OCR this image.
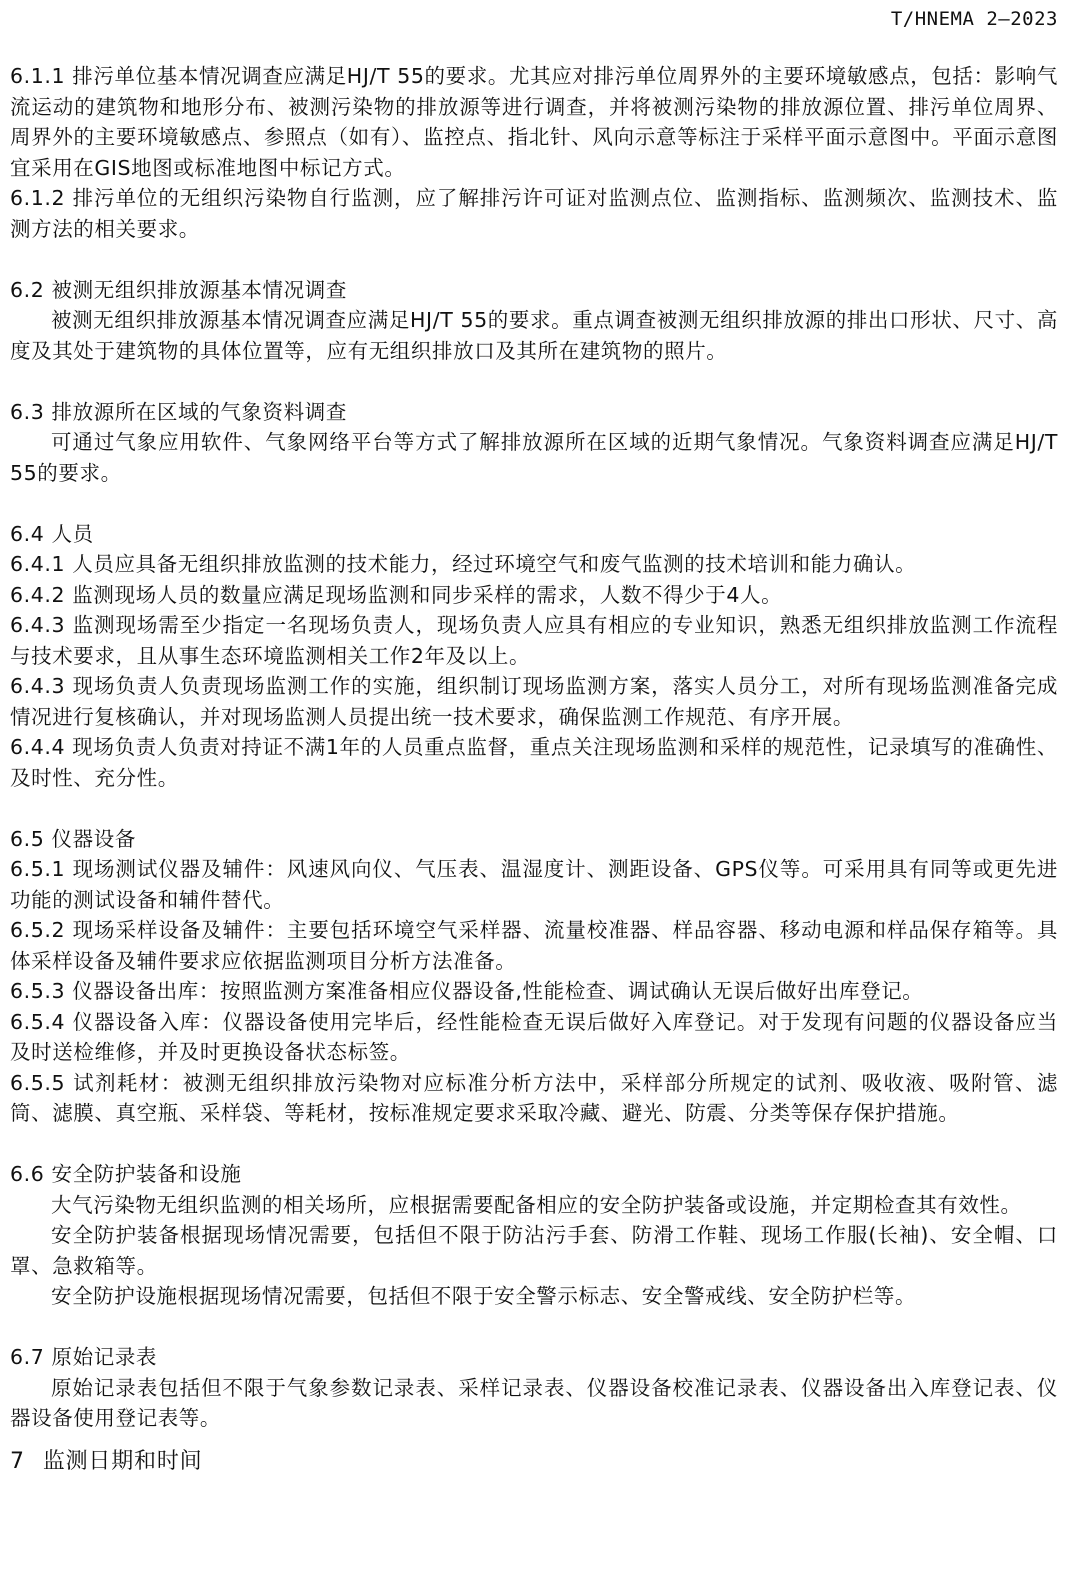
T/HNEMA 2—2023

6.1.1 排污单位基本情况调查应满足HJ/T 55的要求。尤其应对排污单位周界外的主要环境敏感点，包括：影响气流运动的建筑物和地形分布、被测污染物的排放源等进行调查，并将被测污染物的排放源位置、排污单位周界、周界外的主要环境敏感点、参照点（如有）、监控点、指北针、风向示意等标注于采样平面示意图中。平面示意图宜采用在GIS地图或标准地图中标记方式。

6.1.2 排污单位的无组织污染物自行监测，应了解排污许可证对监测点位、监测指标、监测频次、监测技术、监测方法的相关要求。

6.2 被测无组织排放源基本情况调查

被测无组织排放源基本情况调查应满足HJ/T 55的要求。重点调查被测无组织排放源的排出口形状、尺寸、高度及其处于建筑物的具体位置等，应有无组织排放口及其所在建筑物的照片。

6.3 排放源所在区域的气象资料调查

可通过气象应用软件、气象网络平台等方式了解排放源所在区域的近期气象情况。气象资料调查应满足HJ/T 55的要求。

6.4 人员

6.4.1 人员应具备无组织排放监测的技术能力，经过环境空气和废气监测的技术培训和能力确认。

6.4.2 监测现场人员的数量应满足现场监测和同步采样的需求，人数不得少于4人。

6.4.3 监测现场需至少指定一名现场负责人，现场负责人应具有相应的专业知识，熟悉无组织排放监测工作流程与技术要求，且从事生态环境监测相关工作2年及以上。

6.4.3 现场负责人负责现场监测工作的实施，组织制订现场监测方案，落实人员分工，对所有现场监测准备完成情况进行复核确认，并对现场监测人员提出统一技术要求，确保监测工作规范、有序开展。

6.4.4 现场负责人负责对持证不满1年的人员重点监督，重点关注现场监测和采样的规范性，记录填写的准确性、及时性、充分性。

6.5 仪器设备

6.5.1 现场测试仪器及辅件：风速风向仪、气压表、温湿度计、测距设备、GPS仪等。可采用具有同等或更先进功能的测试设备和辅件替代。

6.5.2 现场采样设备及辅件：主要包括环境空气采样器、流量校准器、样品容器、移动电源和样品保存箱等。具体采样设备及辅件要求应依据监测项目分析方法准备。

6.5.3 仪器设备出库：按照监测方案准备相应仪器设备,性能检查、调试确认无误后做好出库登记。

6.5.4 仪器设备入库：仪器设备使用完毕后，经性能检查无误后做好入库登记。对于发现有问题的仪器设备应当及时送检维修，并及时更换设备状态标签。

6.5.5 试剂耗材：被测无组织排放污染物对应标准分析方法中，采样部分所规定的试剂、吸收液、吸附管、滤筒、滤膜、真空瓶、采样袋、等耗材，按标准规定要求采取冷藏、避光、防震、分类等保存保护措施。

6.6 安全防护装备和设施

大气污染物无组织监测的相关场所，应根据需要配备相应的安全防护装备或设施，并定期检查其有效性。

安全防护装备根据现场情况需要，包括但不限于防沾污手套、防滑工作鞋、现场工作服(长袖)、安全帽、口罩、急救箱等。

安全防护设施根据现场情况需要，包括但不限于安全警示标志、安全警戒线、安全防护栏等。

6.7 原始记录表

原始记录表包括但不限于气象参数记录表、采样记录表、仪器设备校准记录表、仪器设备出入库登记表、仪器设备使用登记表等。

7 监测日期和时间
